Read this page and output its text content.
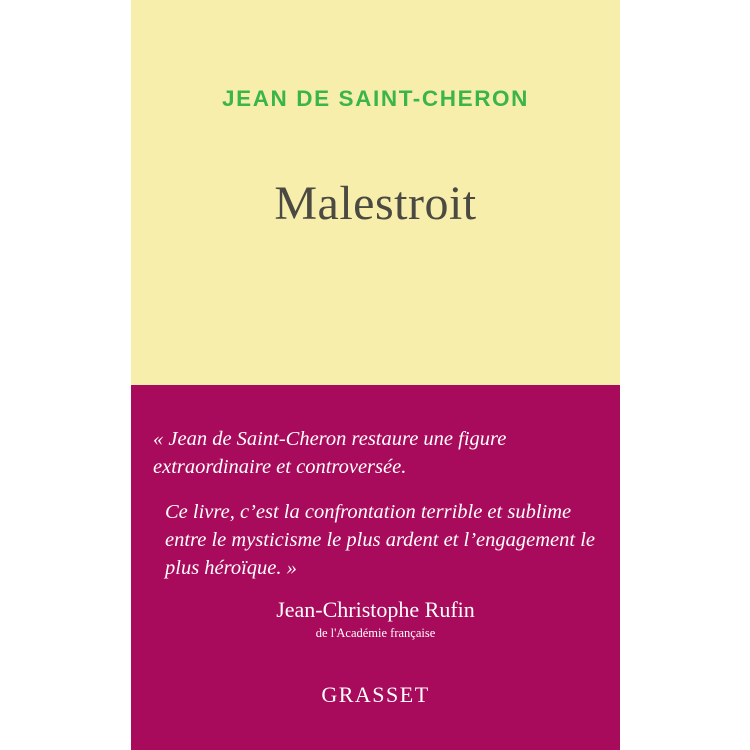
JEAN DE SAINT-CHERON
Malestroit

« Jean de Saint-Cheron restaure une figure extraordinaire et controversée.

Ce livre, c’est la confrontation terrible et sublime entre le mysticisme le plus ardent et l’engagement le plus héroïque. »

Jean-Christophe Rufin
de l'Académie française
GRASSET
